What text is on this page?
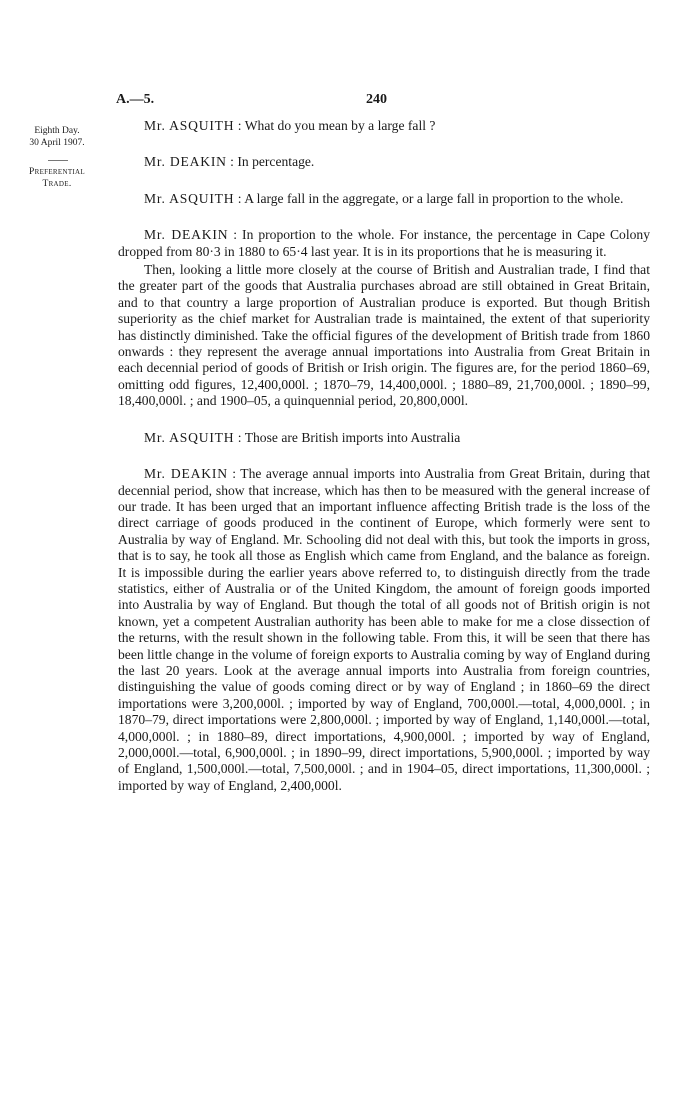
A.—5.	240
Eighth Day.
30 April 1907.
Preferential
Trade.

Mr. ASQUITH : What do you mean by a large fall ?

Mr. DEAKIN : In percentage.

Mr. ASQUITH : A large fall in the aggregate, or a large fall in proportion to the whole.

Mr. DEAKIN : In proportion to the whole. For instance, the percentage in Cape Colony dropped from 80·3 in 1880 to 65·4 last year. It is in its proportions that he is measuring it.

Then, looking a little more closely at the course of British and Australian trade, I find that the greater part of the goods that Australia purchases abroad are still obtained in Great Britain, and to that country a large proportion of Australian produce is exported. But though British superiority as the chief market for Australian trade is maintained, the extent of that superiority has distinctly diminished. Take the official figures of the development of British trade from 1860 onwards : they represent the average annual importations into Australia from Great Britain in each decennial period of goods of British or Irish origin. The figures are, for the period 1860–69, omitting odd figures, 12,400,000l. ; 1870–79, 14,400,000l. ; 1880–89, 21,700,000l. ; 1890–99, 18,400,000l. ; and 1900–05, a quinquennial period, 20,800,000l.

Mr. ASQUITH : Those are British imports into Australia

Mr. DEAKIN : The average annual imports into Australia from Great Britain, during that decennial period, show that increase, which has then to be measured with the general increase of our trade. It has been urged that an important influence affecting British trade is the loss of the direct carriage of goods produced in the continent of Europe, which formerly were sent to Australia by way of England. Mr. Schooling did not deal with this, but took the imports in gross, that is to say, he took all those as English which came from England, and the balance as foreign. It is impossible during the earlier years above referred to, to distinguish directly from the trade statistics, either of Australia or of the United Kingdom, the amount of foreign goods imported into Australia by way of England. But though the total of all goods not of British origin is not known, yet a competent Australian authority has been able to make for me a close dissection of the returns, with the result shown in the following table. From this, it will be seen that there has been little change in the volume of foreign exports to Australia coming by way of England during the last 20 years. Look at the average annual imports into Australia from foreign countries, distinguishing the value of goods coming direct or by way of England ; in 1860–69 the direct importations were 3,200,000l. ; imported by way of England, 700,000l.—total, 4,000,000l. ; in 1870–79, direct importations were 2,800,000l. ; imported by way of England, 1,140,000l.—total, 4,000,000l. ; in 1880–89, direct importations, 4,900,000l. ; imported by way of England, 2,000,000l.—total, 6,900,000l. ; in 1890–99, direct importations, 5,900,000l. ; imported by way of England, 1,500,000l.—total, 7,500,000l. ; and in 1904–05, direct importations, 11,300,000l. ; imported by way of England, 2,400,000l.
